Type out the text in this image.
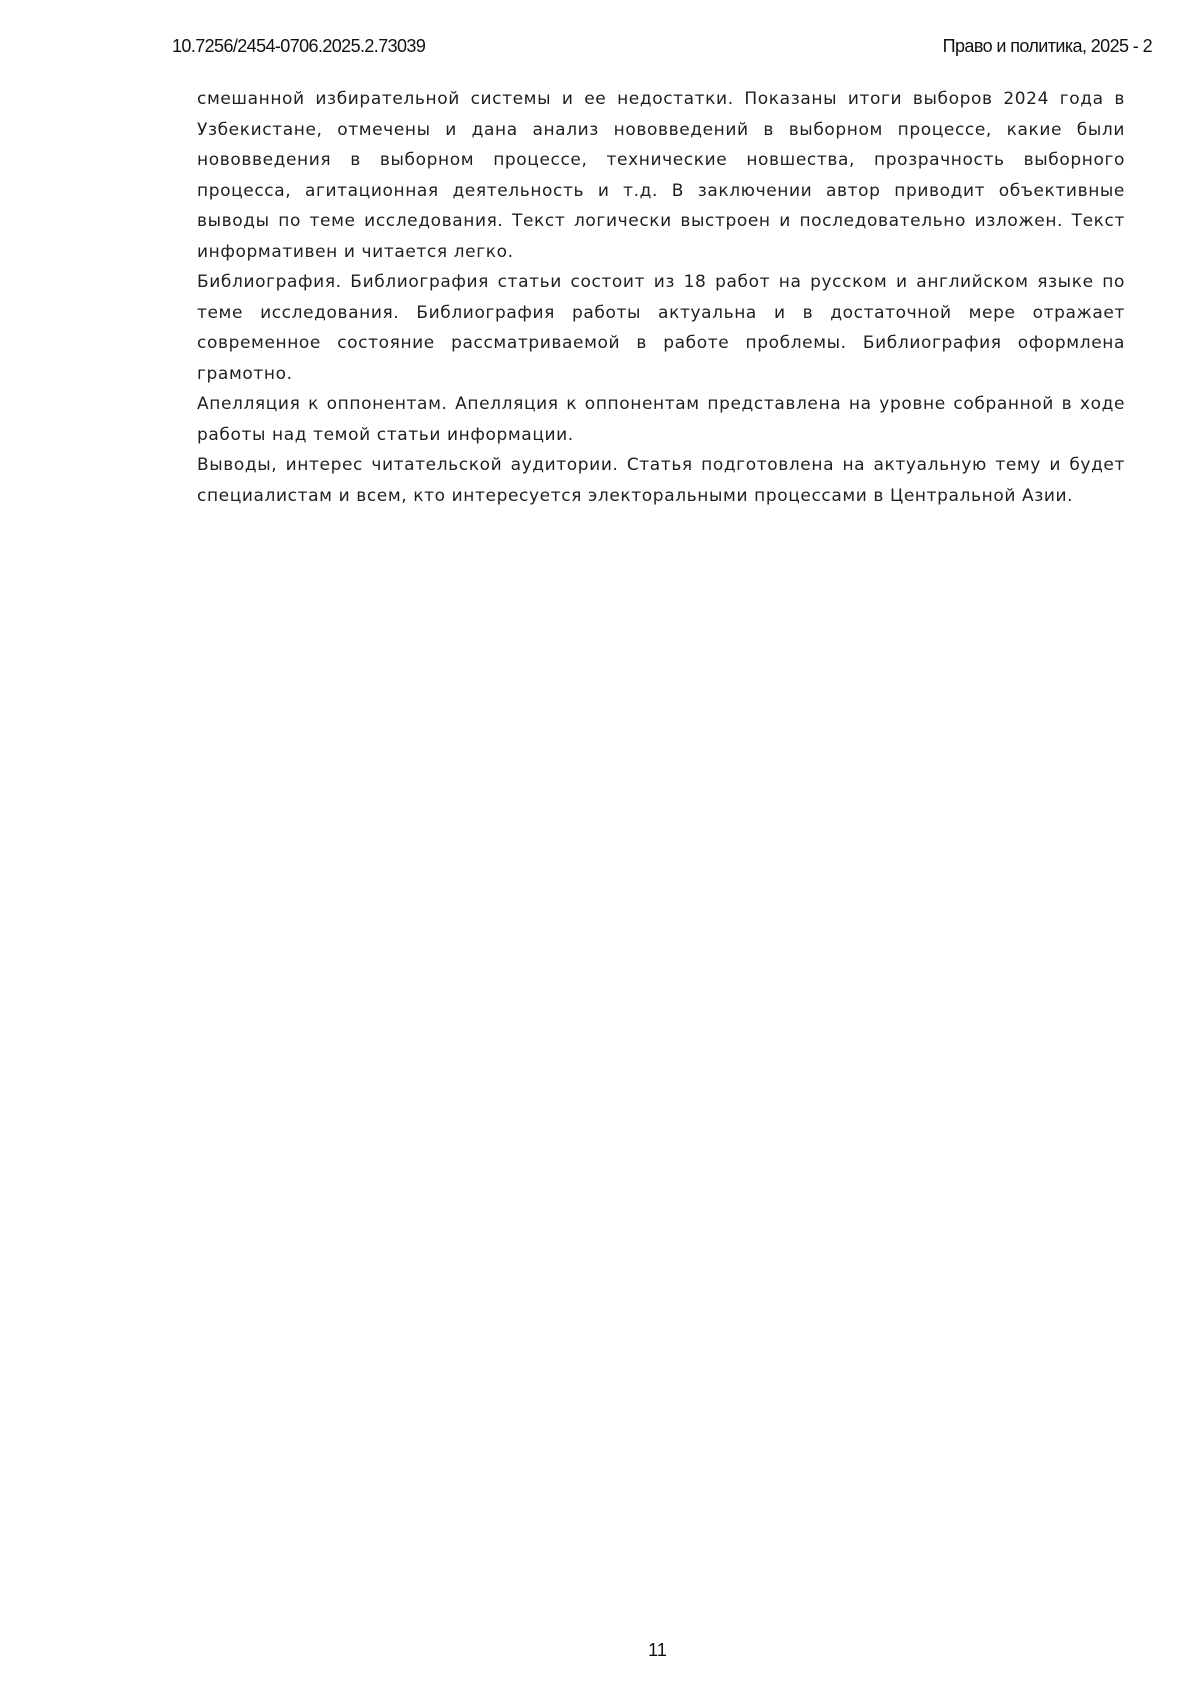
10.7256/2454-0706.2025.2.73039	Право и политика, 2025 - 2

смешанной избирательной системы и ее недостатки. Показаны итоги выборов 2024 года в Узбекистане, отмечены и дана анализ нововведений в выборном процессе, какие были нововведения в выборном процессе, технические новшества, прозрачность выборного процесса, агитационная деятельность и т.д. В заключении автор приводит объективные выводы по теме исследования. Текст логически выстроен и последовательно изложен. Текст информативен и читается легко.

Библиография. Библиография статьи состоит из 18 работ на русском и английском языке по теме исследования. Библиография работы актуальна и в достаточной мере отражает современное состояние рассматриваемой в работе проблемы. Библиография оформлена грамотно.

Апелляция к оппонентам. Апелляция к оппонентам представлена на уровне собранной в ходе работы над темой статьи информации.

Выводы, интерес читательской аудитории. Статья подготовлена на актуальную тему и будет специалистам и всем, кто интересуется электоральными процессами в Центральной Азии.

11
